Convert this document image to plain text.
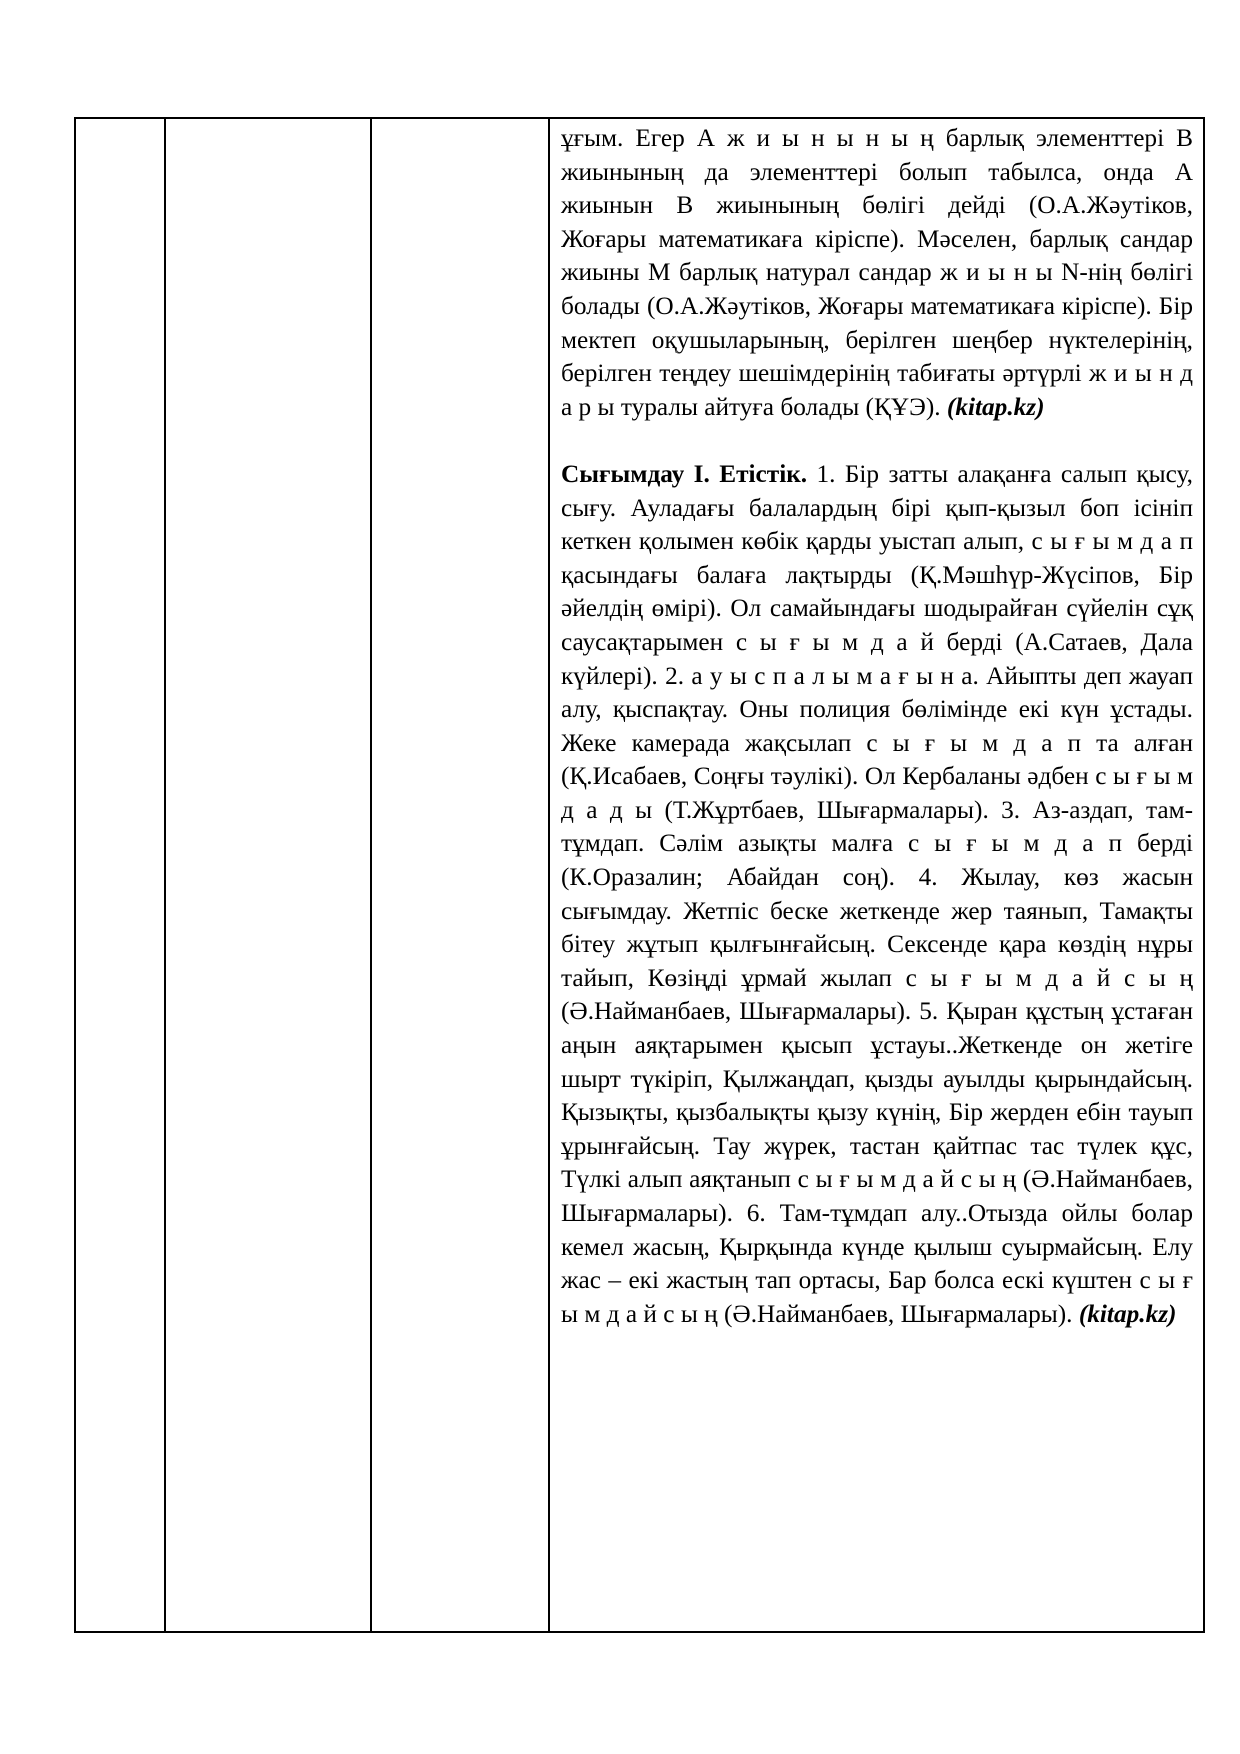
ұғым. Егер А ж и ы н ы н ы ң барлық элементтері В жиынының да элементтері болып табылса, онда А жиынын В жиынының бөлігі дейді (О.А.Жәутіков, Жоғары математикаға кіріспе). Мәселен, барлық сандар жиыны М барлық натурал сандар ж и ы н ы N-нің бөлігі болады (О.А.Жәутіков, Жоғары математикаға кіріспе). Бір мектеп оқушыларының, берілген шеңбер нүктелерінің, берілген теңдеу шешімдерінің табиғаты әртүрлі ж и ы н д а р ы туралы айтуға болады (ҚҰЭ). (kitap.kz)

Сығымдау I. Етістік. 1. Бір затты алақанға салып қысу, сығу. Ауладағы балалардың бірі қып-қызыл боп ісініп кеткен қолымен көбік қарды уыстап алып, с ы ғ ы м д а п қасындағы балаға лақтырды (Қ.Мәшһүр-Жүсіпов, Бір әйелдің өмірі). Ол самайындағы шодырайған сүйелін сұқ саусақтарымен с ы ғ ы м д а й берді (А.Сатаев, Дала күйлері). 2. а у ы с п а л ы м а ғ ы н а. Айыпты деп жауап алу, қыспақтау. Оны полиция бөлімінде екі күн ұстады. Жеке камерада жақсылап с ы ғ ы м д а п та алған (Қ.Исабаев, Соңғы тәулікі). Ол Кербаланы әдбен с ы ғ ы м д а д ы (Т.Жұртбаев, Шығармалары). 3. Аз-аздап, там-тұмдап. Сәлім азықты малға с ы ғ ы м д а п берді (К.Оразалин; Абайдан соң). 4. Жылау, көз жасын сығымдау. Жетпіс беске жеткенде жер таянып, Тамақты бітеу жұтып қылғынғайсың. Сексенде қара көздің нұры тайып, Көзіңді ұрмай жылап с ы ғ ы м д а й с ы ң (Ә.Найманбаев, Шығармалары). 5. Қыран құстың ұстаған аңын аяқтарымен қысып ұстауы..Жеткенде он жетіге шырт түкіріп, Қылжаңдап, қызды ауылды қырындайсың. Қызықты, қызбалықты қызу күнің, Бір жерден ебін тауып ұрынғайсың. Тау жүрек, тастан қайтпас тас түлек құс, Түлкі алып аяқтанып с ы ғ ы м д а й с ы ң (Ә.Найманбаев, Шығармалары). 6. Там-тұмдап алу..Отызда ойлы болар кемел жасың, Қырқында күнде қылыш суырмайсың. Елу жас – екі жастың тап ортасы, Бар болса ескі күштен с ы ғ ы м д а й с ы ң (Ә.Найманбаев, Шығармалары). (kitap.kz)
